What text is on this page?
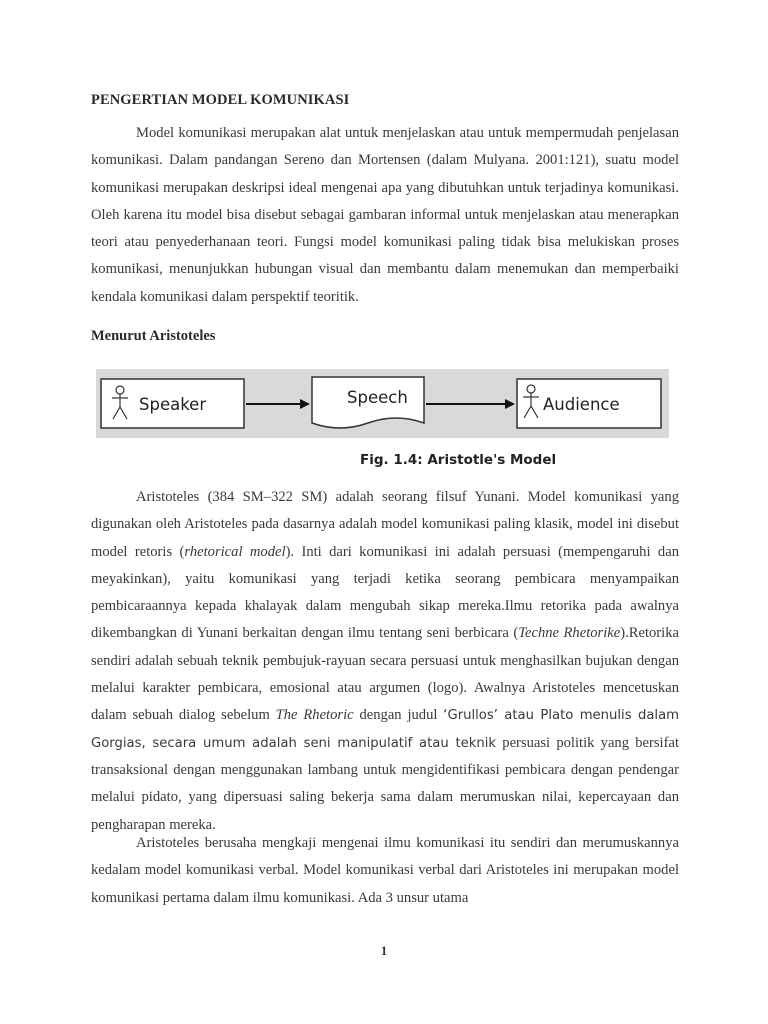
PENGERTIAN MODEL KOMUNIKASI

Model komunikasi merupakan alat untuk menjelaskan atau untuk mempermudah penjelasan komunikasi. Dalam pandangan Sereno dan Mortensen (dalam Mulyana. 2001:121), suatu model komunikasi merupakan deskripsi ideal mengenai apa yang dibutuhkan untuk terjadinya komunikasi. Oleh karena itu model bisa disebut sebagai gambaran informal untuk menjelaskan atau menerapkan teori atau penyederhanaan teori. Fungsi model komunikasi paling tidak bisa melukiskan proses komunikasi, menunjukkan hubungan visual dan membantu dalam menemukan dan memperbaiki kendala komunikasi dalam perspektif teoritik.

Menurut Aristoteles
Speaker	Speech	Audience
Fig. 1.4: Aristotle's Model

Aristoteles (384 SM–322 SM) adalah seorang filsuf Yunani. Model komunikasi yang digunakan oleh Aristoteles pada dasarnya adalah model komunikasi paling klasik, model ini disebut model retoris (rhetorical model). Inti dari komunikasi ini adalah persuasi (mempengaruhi dan meyakinkan), yaitu komunikasi yang terjadi ketika seorang pembicara menyampaikan pembicaraannya kepada khalayak dalam mengubah sikap mereka.Ilmu retorika pada awalnya dikembangkan di Yunani berkaitan dengan ilmu tentang seni berbicara (Techne Rhetorike).Retorika sendiri adalah sebuah teknik pembujuk-rayuan secara persuasi untuk menghasilkan bujukan dengan melalui karakter pembicara, emosional atau argumen (logo). Awalnya Aristoteles mencetuskan dalam sebuah dialog sebelum The Rhetoric dengan judul ‘Grullos’ atau Plato menulis dalam Gorgias, secara umum adalah seni manipulatif atau teknik persuasi politik yang bersifat transaksional dengan menggunakan lambang untuk mengidentifikasi pembicara dengan pendengar melalui pidato, yang dipersuasi saling bekerja sama dalam merumuskan nilai, kepercayaan dan pengharapan mereka.

Aristoteles berusaha mengkaji mengenai ilmu komunikasi itu sendiri dan merumuskannya kedalam model komunikasi verbal. Model komunikasi verbal dari Aristoteles ini merupakan model komunikasi pertama dalam ilmu komunikasi. Ada 3 unsur utama

1
